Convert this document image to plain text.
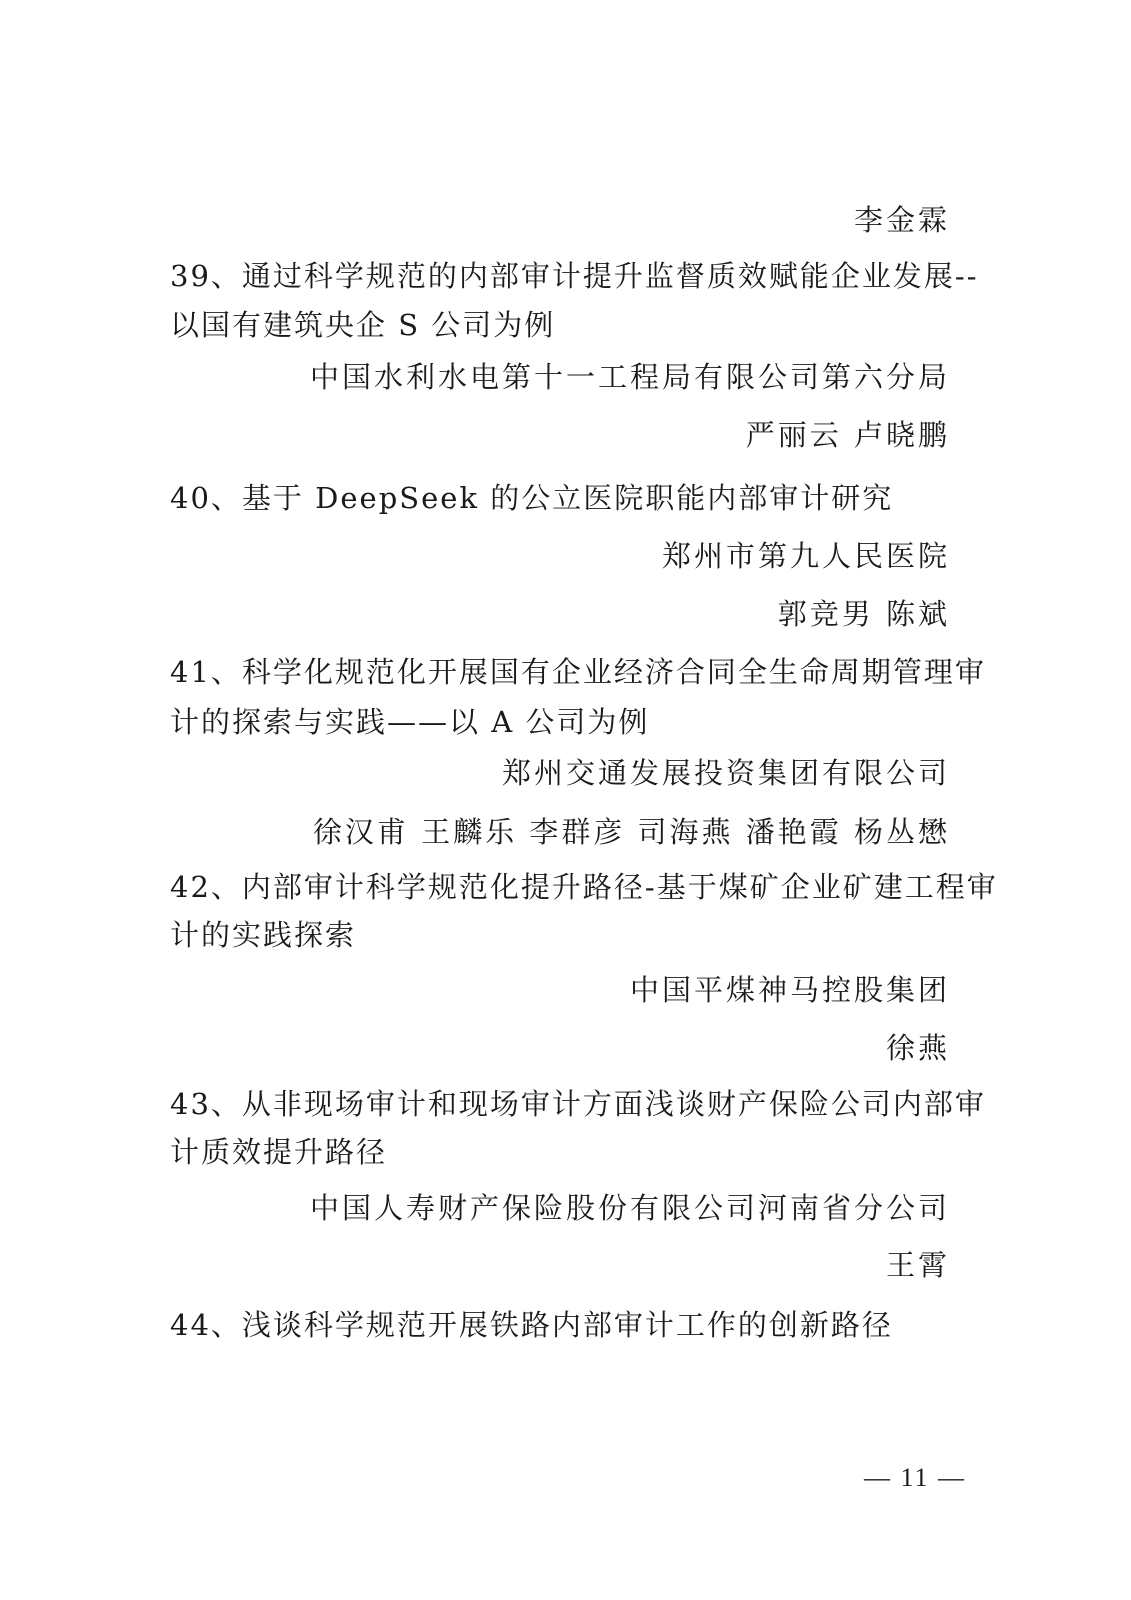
李金霖
39、通过科学规范的内部审计提升监督质效赋能企业发展--
以国有建筑央企 S 公司为例
中国水利水电第十一工程局有限公司第六分局
严丽云 卢晓鹏
40、基于 DeepSeek 的公立医院职能内部审计研究
郑州市第九人民医院
郭竞男 陈斌
41、科学化规范化开展国有企业经济合同全生命周期管理审
计的探索与实践——以 A 公司为例
郑州交通发展投资集团有限公司
徐汉甫 王麟乐 李群彦 司海燕 潘艳霞 杨丛懋
42、内部审计科学规范化提升路径-基于煤矿企业矿建工程审
计的实践探索
中国平煤神马控股集团
徐燕
43、从非现场审计和现场审计方面浅谈财产保险公司内部审
计质效提升路径
中国人寿财产保险股份有限公司河南省分公司
王霄
44、浅谈科学规范开展铁路内部审计工作的创新路径
— 11 —
